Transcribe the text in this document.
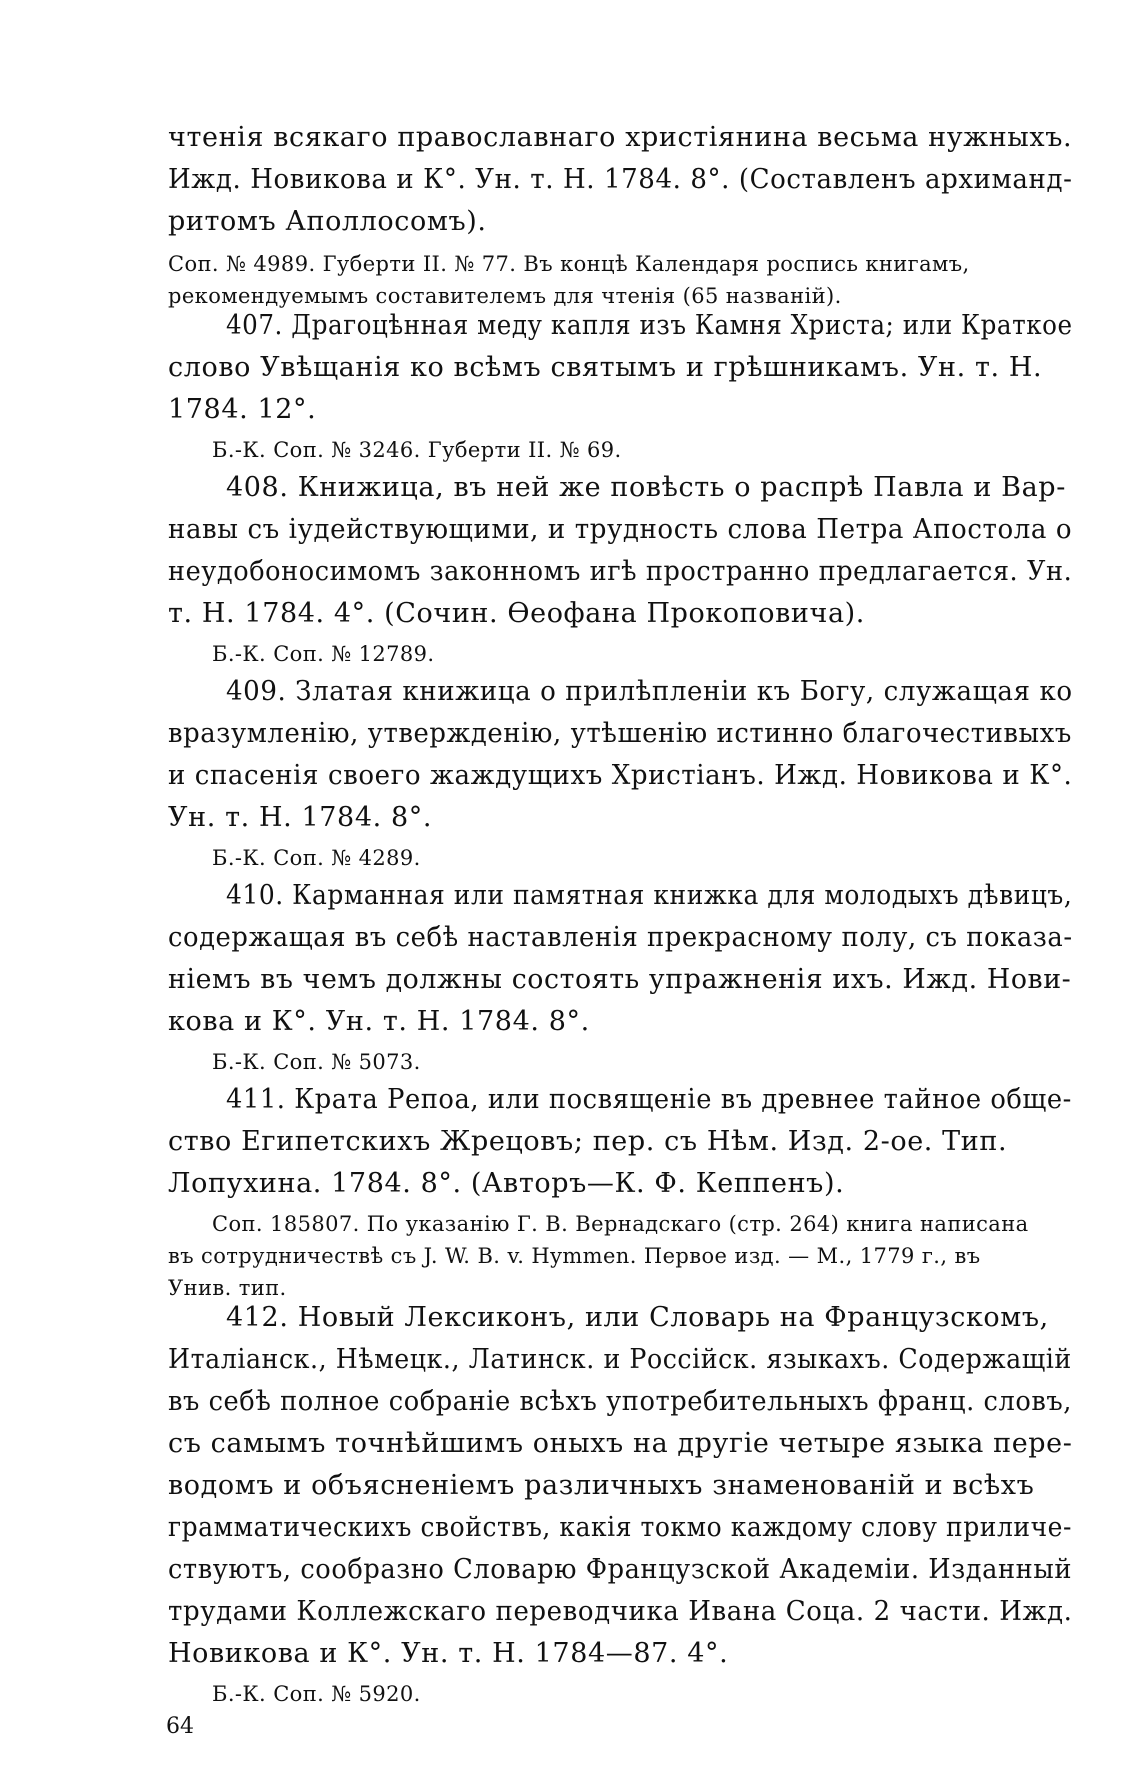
чтенія всякаго православнаго христіянина весьма нужныхъ.
Ижд. Новикова и К°. Ун. т. Н. 1784. 8°. (Составленъ архиманд-
ритомъ Аполлосомъ).
Соп. № 4989. Губерти II. № 77. Въ концѣ Календаря роспись книгамъ,
рекомендуемымъ составителемъ для чтенія (65 названій).
407. Драгоцѣнная меду капля изъ Камня Христа; или Краткое
слово Увѣщанія ко всѣмъ святымъ и грѣшникамъ. Ун. т. Н.
1784. 12°.
Б.-К. Соп. № 3246. Губерти II. № 69.
408. Книжица, въ ней же повѣсть о распрѣ Павла и Вар-
навы съ іудействующими, и трудность слова Петра Апостола о
неудобоносимомъ законномъ игѣ пространно предлагается. Ун.
т. Н. 1784. 4°. (Сочин. Ѳеофана Прокоповича).
Б.-К. Соп. № 12789.
409. Златая книжица о прилѣпленіи къ Богу, служащая ко
вразумленію, утвержденію, утѣшенію истинно благочестивыхъ
и спасенія своего жаждущихъ Христіанъ. Ижд. Новикова и К°.
Ун. т. Н. 1784. 8°.
Б.-К. Соп. № 4289.
410. Карманная или памятная книжка для молодыхъ дѣвицъ,
содержащая въ себѣ наставленія прекрасному полу, съ показа-
ніемъ въ чемъ должны состоять упражненія ихъ. Ижд. Нови-
кова и К°. Ун. т. Н. 1784. 8°.
Б.-К. Соп. № 5073.
411. Крата Репоа, или посвященіе въ древнее тайное обще-
ство Египетскихъ Жрецовъ; пер. съ Нѣм. Изд. 2-ое. Тип.
Лопухина. 1784. 8°. (Авторъ—К. Ф. Кеппенъ).
Соп. 185807. По указанію Г. В. Вернадскаго (стр. 264) книга написана
въ сотрудничествѣ съ J. W. B. v. Hymmen. Первое изд. — М., 1779 г., въ
Унив. тип.
412. Новый Лексиконъ, или Словарь на Французскомъ,
Италіанск., Нѣмецк., Латинск. и Россійск. языкахъ. Содержащій
въ себѣ полное собраніе всѣхъ употребительныхъ франц. словъ,
съ самымъ точнѣйшимъ оныхъ на другіе четыре языка пере-
водомъ и объясненіемъ различныхъ знаменованій и всѣхъ
грамматическихъ свойствъ, какія токмо каждому слову приличе-
ствуютъ, сообразно Словарю Французской Академіи. Изданный
трудами Коллежскаго переводчика Ивана Соца. 2 части. Ижд.
Новикова и К°. Ун. т. Н. 1784—87. 4°.
Б.-К. Соп. № 5920.
64
